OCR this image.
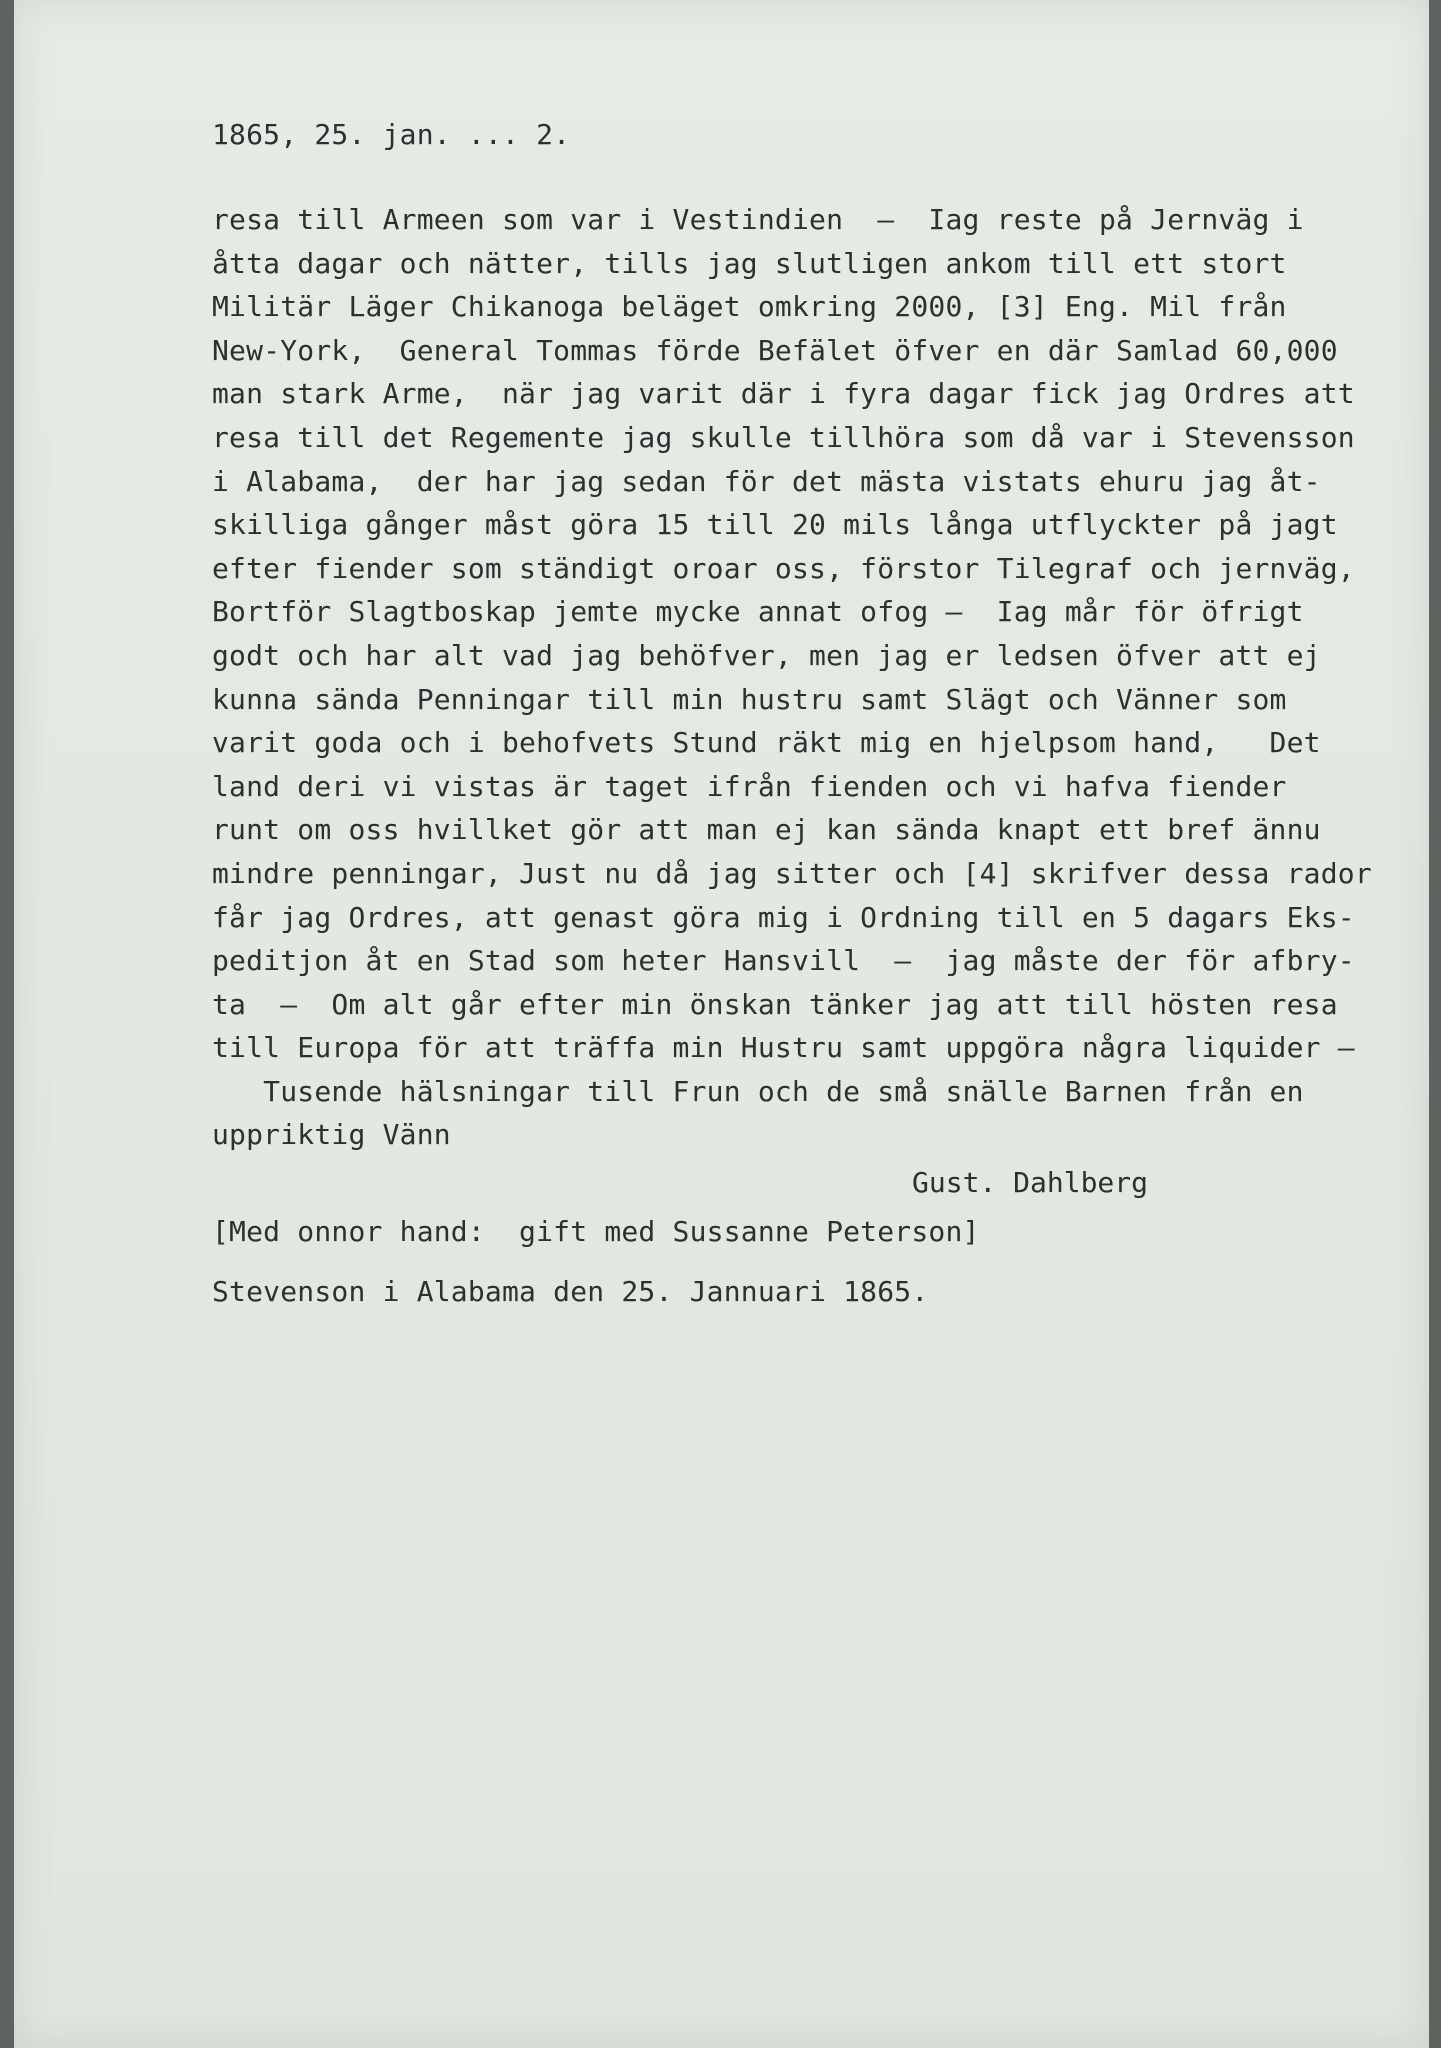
1865, 25. jan. ... 2.
resa till Armeen som var i Vestindien  —  Iag reste på Jernväg i
åtta dagar och nätter, tills jag slutligen ankom till ett stort
Militär Läger Chikanoga beläget omkring 2000, [3] Eng. Mil från
New-York,  General Tommas förde Befälet öfver en där Samlad 60,000
man stark Arme,  när jag varit där i fyra dagar fick jag Ordres att
resa till det Regemente jag skulle tillhöra som då var i Stevensson
i Alabama,  der har jag sedan för det mästa vistats ehuru jag åt-
skilliga gånger måst göra 15 till 20 mils långa utflyckter på jagt
efter fiender som ständigt oroar oss, förstor Tilegraf och jernväg,
Bortför Slagtboskap jemte mycke annat ofog —  Iag mår för öfrigt
godt och har alt vad jag behöfver, men jag er ledsen öfver att ej
kunna sända Penningar till min hustru samt Slägt och Vänner som
varit goda och i behofvets Stund räkt mig en hjelpsom hand,   Det
land deri vi vistas är taget ifrån fienden och vi hafva fiender
runt om oss hvillket gör att man ej kan sända knapt ett bref ännu
mindre penningar, Just nu då jag sitter och [4] skrifver dessa rador
får jag Ordres, att genast göra mig i Ordning till en 5 dagars Eks-
peditjon åt en Stad som heter Hansvill  —  jag måste der för afbry-
ta  —  Om alt går efter min önskan tänker jag att till hösten resa
till Europa för att träffa min Hustru samt uppgöra några liquider —
Tusende hälsningar till Frun och de små snälle Barnen från en
uppriktig Vänn
Gust. Dahlberg
[Med onnor hand:  gift med Sussanne Peterson]
Stevenson i Alabama den 25. Jannuari 1865.
